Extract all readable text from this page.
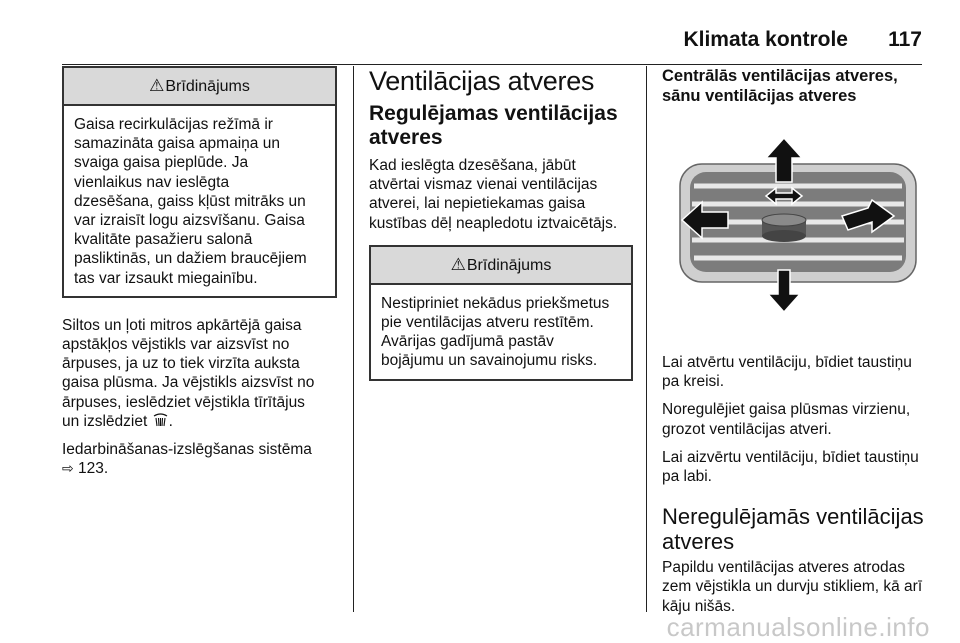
Klimata kontrole 117
⚠Brīdinājums

Gaisa recirkulācijas režīmā ir
samazināta gaisa apmaiņa un
svaiga gaisa pieplūde. Ja
vienlaikus nav ieslēgta
dzesēšana, gaiss kļūst mitrāks un
var izraisīt logu aizsvīšanu. Gaisa
kvalitāte pasažieru salonā
pasliktinās, un dažiem braucējiem
tas var izsaukt miegainību.

Siltos un ļoti mitros apkārtējā gaisa
apstākļos vējstikls var aizsvīst no
ārpuses, ja uz to tiek virzīta auksta
gaisa plūsma. Ja vējstikls aizsvīst no
ārpuses, ieslēdziet vējstikla tīrītājus
un izslēdziet .

Iedarbināšanas-izslēgšanas sistēma
⇨ 123.

Ventilācijas atveres
Regulējamas ventilācijas
atveres

Kad ieslēgta dzesēšana, jābūt
atvērtai vismaz vienai ventilācijas
atverei, lai nepietiekamas gaisa
kustības dēļ neapledotu iztvaicētājs.

⚠Brīdinājums

Nestipriniet nekādus priekšmetus
pie ventilācijas atveru restītēm.
Avārijas gadījumā pastāv
bojājumu un savainojumu risks.

Centrālās ventilācijas atveres,
sānu ventilācijas atveres

Lai atvērtu ventilāciju, bīdiet taustiņu
pa kreisi.

Noregulējiet gaisa plūsmas virzienu,
grozot ventilācijas atveri.

Lai aizvērtu ventilāciju, bīdiet taustiņu
pa labi.

Neregulējamās ventilācijas
atveres

Papildu ventilācijas atveres atrodas
zem vējstikla un durvju stikliem, kā arī
kāju nišās.

carmanualsonline.info
